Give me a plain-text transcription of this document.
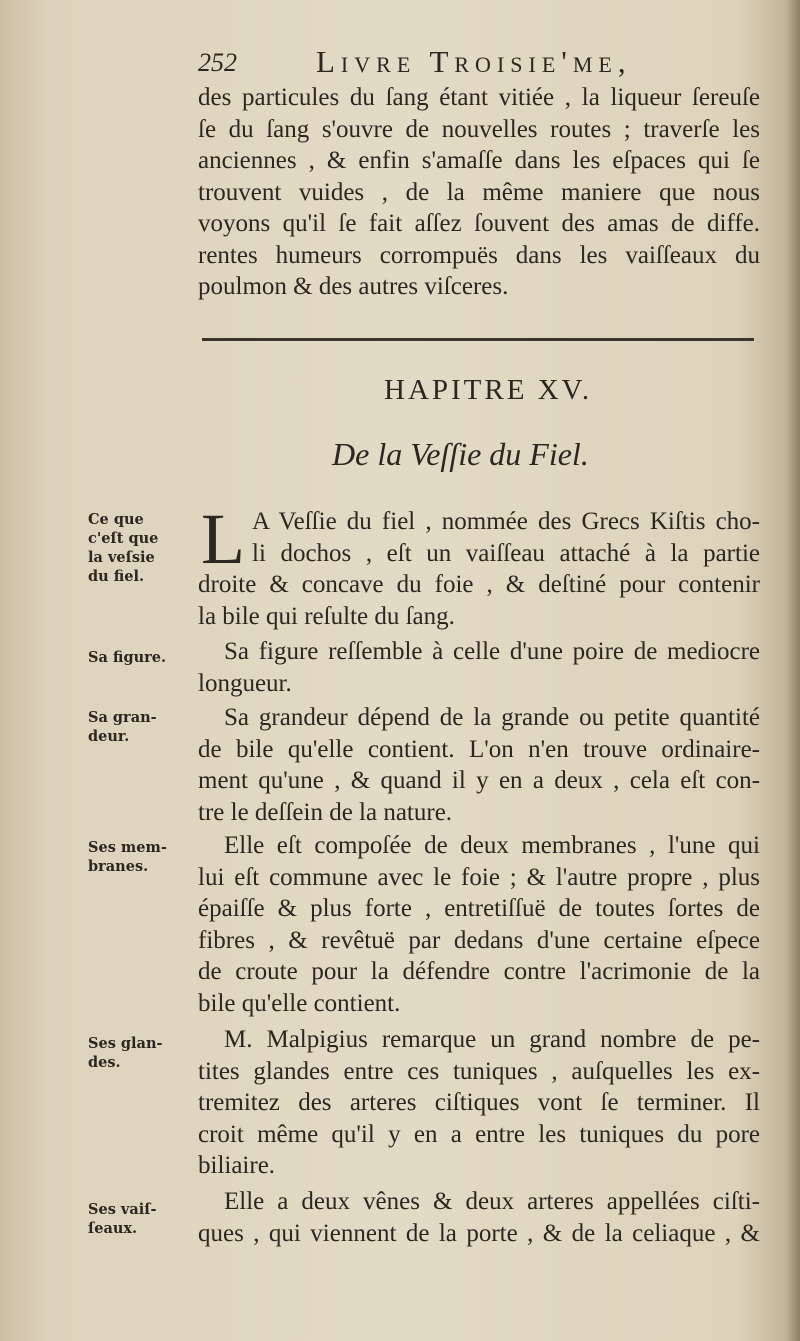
252	Livre Troisie'me,
des particules du ſang étant vitiée , la liqueur ſereuſe
ſe du ſang s'ouvre de nouvelles routes ; traverſe les
anciennes , & enfin s'amaſſe dans les eſpaces qui ſe
trouvent vuides , de la même maniere que nous
voyons qu'il ſe fait aſſez ſouvent des amas de diffe.
rentes humeurs corrompuës dans les vaiſſeaux du
poulmon & des autres viſceres.
HAPITRE XV.
De la Veſſie du Fiel.
Ce que
c'eſt que
la veſsie
du fiel. L A Veſſie du fiel , nommée des Grecs Kiſtis cho-
li dochos , eſt un vaiſſeau attaché à la partie
droite & concave du foie , & deſtiné pour contenir
la bile qui reſulte du ſang.
Sa figure.	Sa figure reſſemble à celle d'une poire de mediocre
longueur.
Sa gran-
deur.
Sa grandeur dépend de la grande ou petite quantité
de bile qu'elle contient. L'on n'en trouve ordinaire-
ment qu'une , & quand il y en a deux , cela eſt con-
tre le deſſein de la nature.
Ses mem-
branes.
Elle eſt compoſée de deux membranes , l'une qui
lui eſt commune avec le foie ; & l'autre propre , plus
épaiſſe & plus forte , entretiſſuë de toutes ſortes de
fibres , & revêtuë par dedans d'une certaine eſpece
de croute pour la défendre contre l'acrimonie de la
bile qu'elle contient.
Ses glan-
des.
M. Malpigius remarque un grand nombre de pe-
tites glandes entre ces tuniques , auſquelles les ex-
tremitez des arteres ciſtiques vont ſe terminer. Il
croit même qu'il y en a entre les tuniques du pore
biliaire.
Ses vaiſ-
ſeaux.
Elle a deux vênes & deux arteres appellées ciſti-
ques , qui viennent de la porte , & de la celiaque , &
